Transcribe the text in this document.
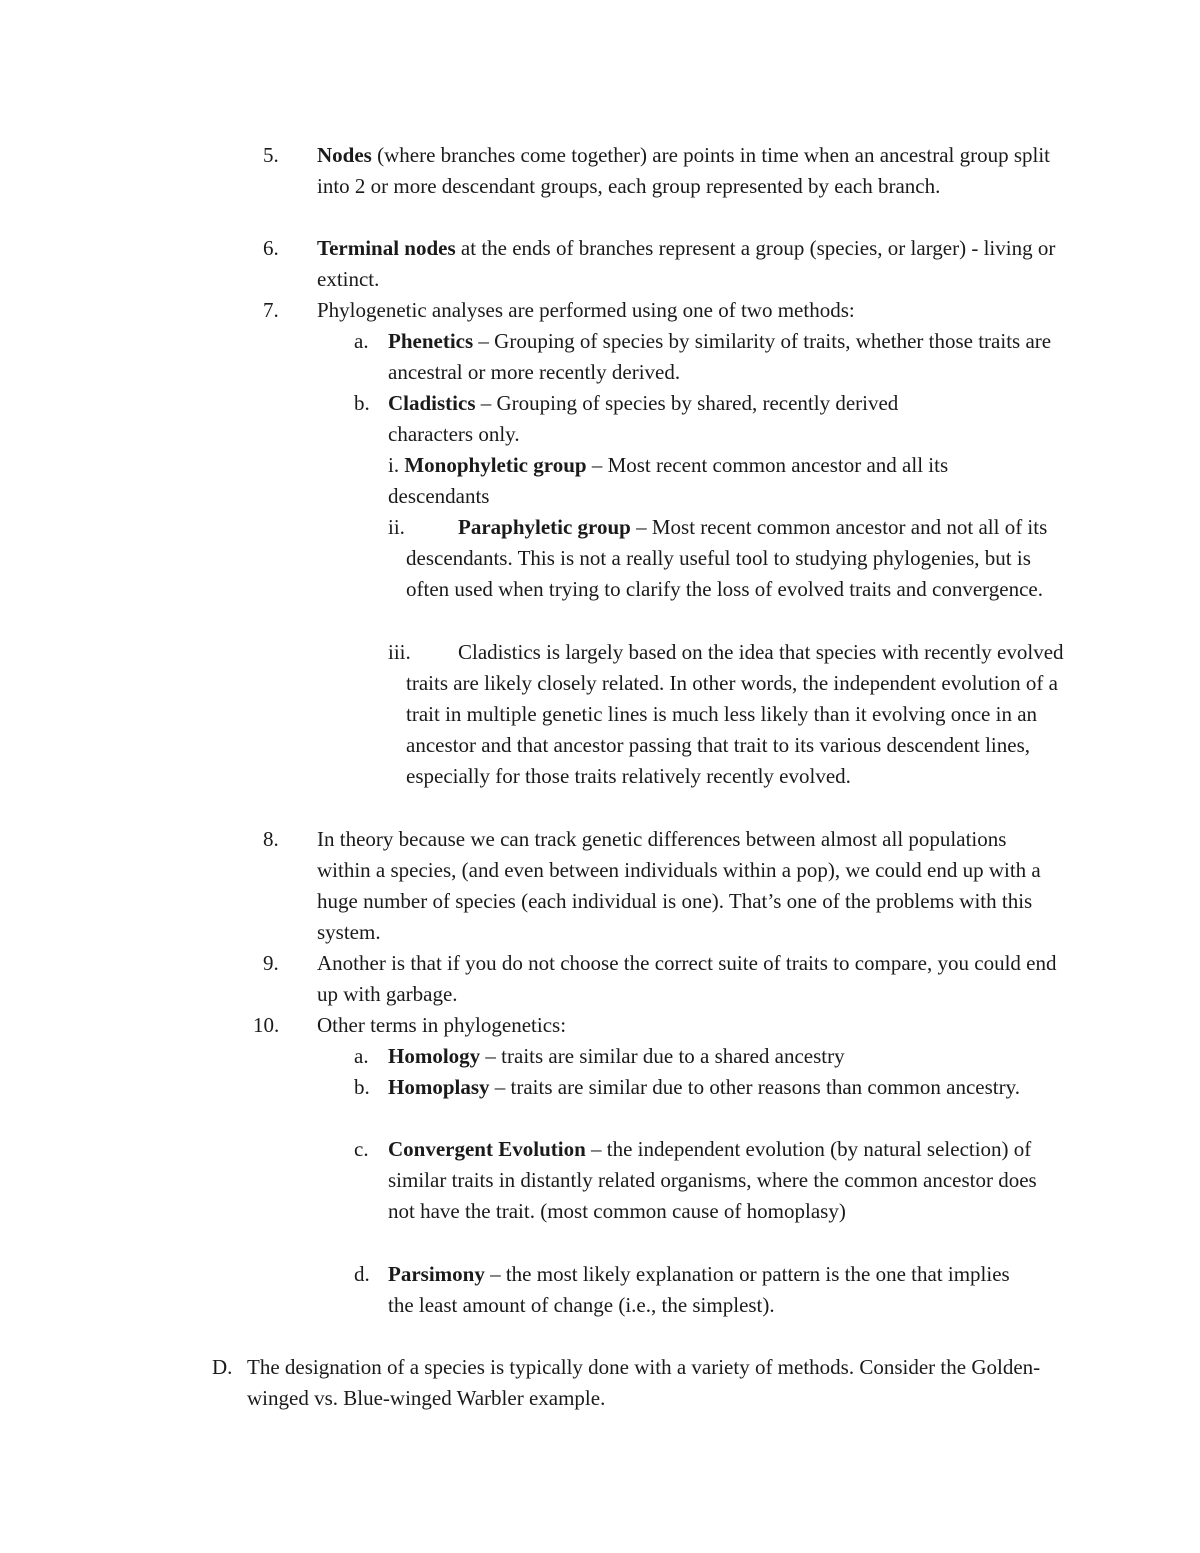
5. Nodes (where branches come together) are points in time when an ancestral group split into 2 or more descendant groups, each group represented by each branch.
6. Terminal nodes at the ends of branches represent a group (species, or larger) - living or extinct.
7. Phylogenetic analyses are performed using one of two methods:
a. Phenetics – Grouping of species by similarity of traits, whether those traits are ancestral or more recently derived.
b. Cladistics – Grouping of species by shared, recently derived characters only.
i. Monophyletic group – Most recent common ancestor and all its descendants
ii.	Paraphyletic group – Most recent common ancestor and not all of its descendants. This is not a really useful tool to studying phylogenies, but is often used when trying to clarify the loss of evolved traits and convergence.
iii.	Cladistics is largely based on the idea that species with recently evolved traits are likely closely related. In other words, the independent evolution of a trait in multiple genetic lines is much less likely than it evolving once in an ancestor and that ancestor passing that trait to its various descendent lines, especially for those traits relatively recently evolved.
8. In theory because we can track genetic differences between almost all populations within a species, (and even between individuals within a pop), we could end up with a huge number of species (each individual is one). That’s one of the problems with this system.
9. Another is that if you do not choose the correct suite of traits to compare, you could end up with garbage.
10. Other terms in phylogenetics:
a. Homology – traits are similar due to a shared ancestry
b. Homoplasy – traits are similar due to other reasons than common ancestry.
c. Convergent Evolution – the independent evolution (by natural selection) of similar traits in distantly related organisms, where the common ancestor does not have the trait. (most common cause of homoplasy)
d. Parsimony – the most likely explanation or pattern is the one that implies the least amount of change (i.e., the simplest).
D. The designation of a species is typically done with a variety of methods. Consider the Golden-winged vs. Blue-winged Warbler example.
